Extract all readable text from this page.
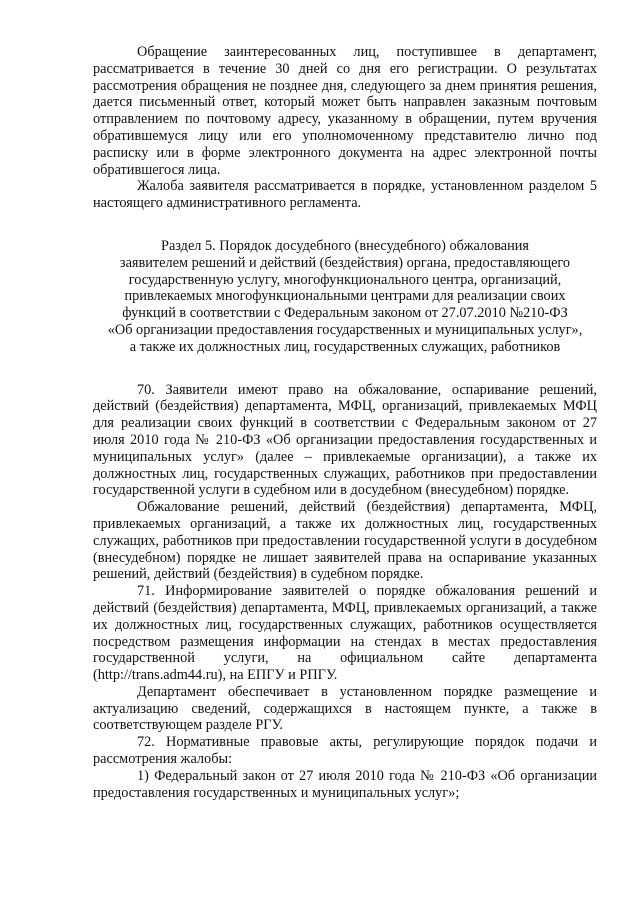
Обращение заинтересованных лиц, поступившее в департамент, рассматривается в течение 30 дней со дня его регистрации. О результатах рассмотрения обращения не позднее дня, следующего за днем принятия решения, дается письменный ответ, который может быть направлен заказным почтовым отправлением по почтовому адресу, указанному в обращении, путем вручения обратившемуся лицу или его уполномоченному представителю лично под расписку или в форме электронного документа на адрес электронной почты обратившегося лица.

Жалоба заявителя рассматривается в порядке, установленном разделом 5 настоящего административного регламента.

Раздел 5. Порядок досудебного (внесудебного) обжалования
заявителем решений и действий (бездействия) органа, предоставляющего
государственную услугу, многофункционального центра, организаций,
привлекаемых многофункциональными центрами для реализации своих
функций в соответствии с Федеральным законом от 27.07.2010 №210-ФЗ
«Об организации предоставления государственных и муниципальных услуг»,
а также их должностных лиц, государственных служащих, работников

70. Заявители имеют право на обжалование, оспаривание решений, действий (бездействия) департамента, МФЦ, организаций, привлекаемых МФЦ для реализации своих функций в соответствии с Федеральным законом от 27 июля 2010 года № 210-ФЗ «Об организации предоставления государственных и муниципальных услуг» (далее – привлекаемые организации), а также их должностных лиц, государственных служащих, работников при предоставлении государственной услуги в судебном или в досудебном (внесудебном) порядке.

Обжалование решений, действий (бездействия) департамента, МФЦ, привлекаемых организаций, а также их должностных лиц, государственных служащих, работников при предоставлении государственной услуги в досудебном (внесудебном) порядке не лишает заявителей права на оспаривание указанных решений, действий (бездействия) в судебном порядке.

71. Информирование заявителей о порядке обжалования решений и действий (бездействия) департамента, МФЦ, привлекаемых организаций, а также их должностных лиц, государственных служащих, работников осуществляется посредством размещения информации на стендах в местах предоставления государственной услуги, на официальном сайте департамента (http://trans.adm44.ru), на ЕПГУ и РПГУ.

Департамент обеспечивает в установленном порядке размещение и актуализацию сведений, содержащихся в настоящем пункте, а также в соответствующем разделе РГУ.

72. Нормативные правовые акты, регулирующие порядок подачи и рассмотрения жалобы:

1) Федеральный закон от 27 июля 2010 года № 210-ФЗ «Об организации предоставления государственных и муниципальных услуг»;
